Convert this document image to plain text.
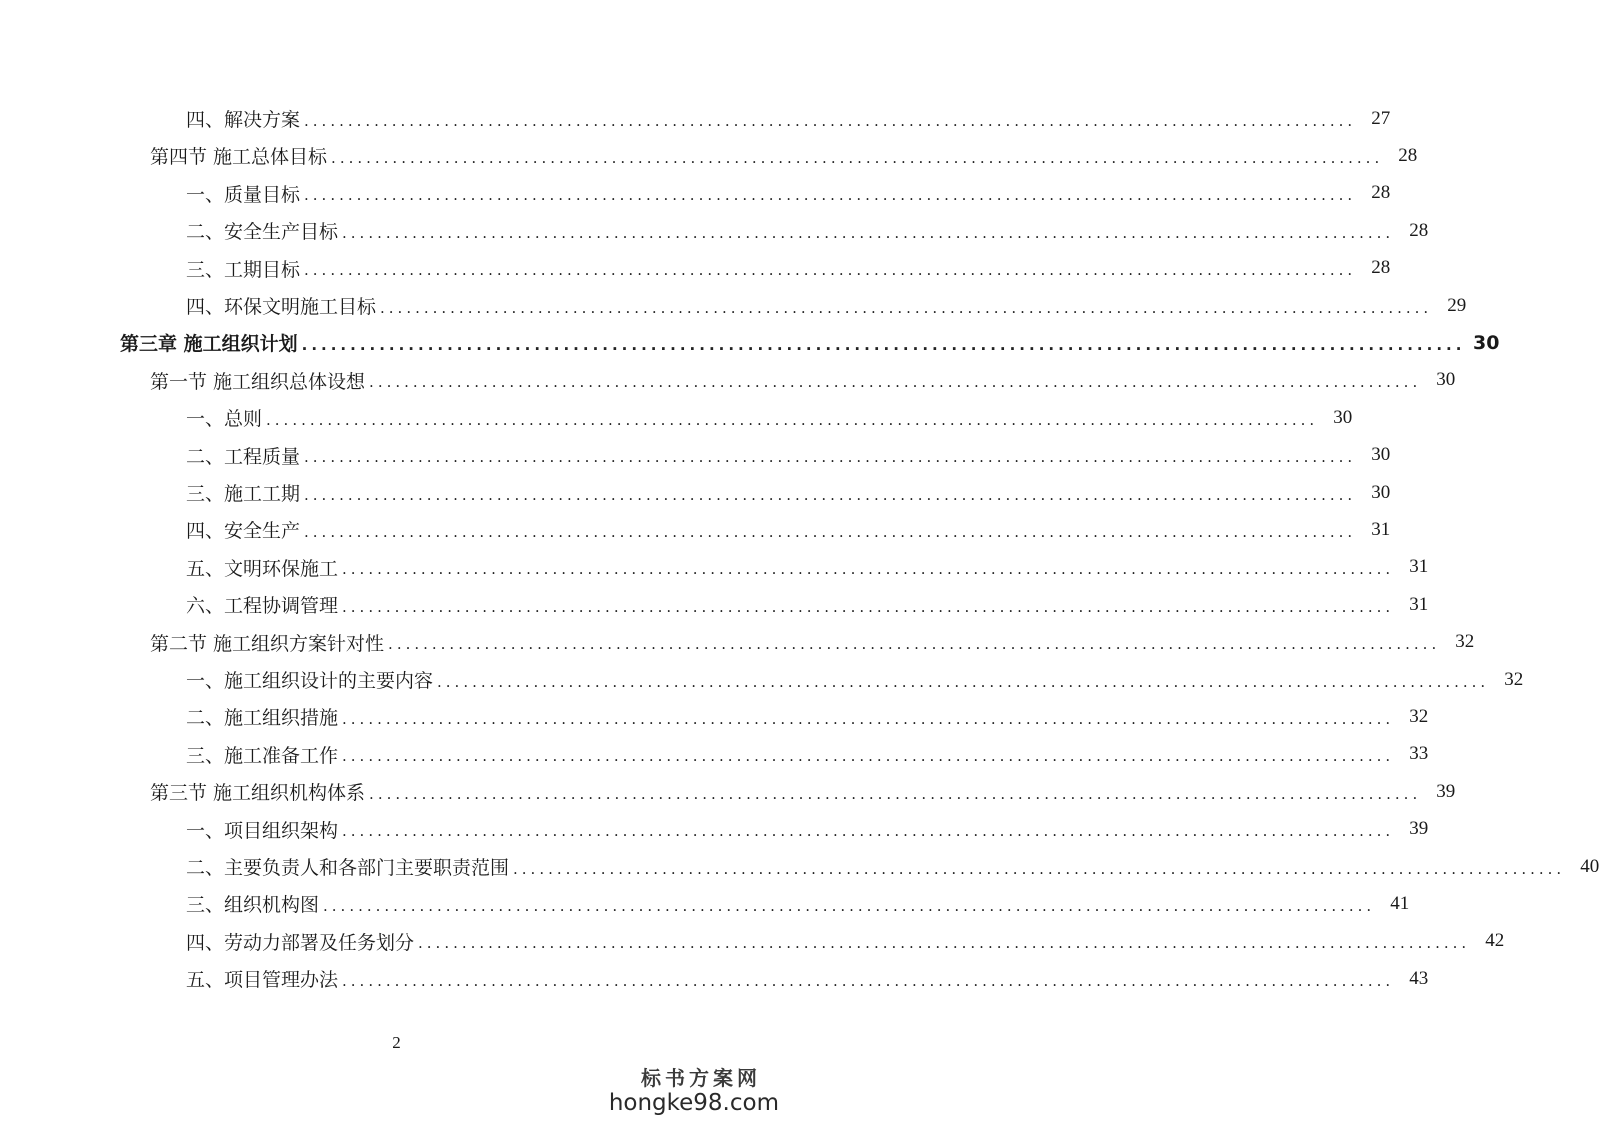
四、解决方案 ........................................................................................................................ 27
第四节 施工总体目标 ........................................................................................................................ 28
一、质量目标 ........................................................................................................................ 28
二、安全生产目标 ........................................................................................................................ 28
三、工期目标 ........................................................................................................................ 28
四、环保文明施工目标 ........................................................................................................................ 29
第三章 施工组织计划 ........................................................................................................................ 30
第一节 施工组织总体设想 ........................................................................................................................ 30
一、总则 ........................................................................................................................ 30
二、工程质量 ........................................................................................................................ 30
三、施工工期 ........................................................................................................................ 30
四、安全生产 ........................................................................................................................ 31
五、文明环保施工 ........................................................................................................................ 31
六、工程协调管理 ........................................................................................................................ 31
第二节 施工组织方案针对性 ........................................................................................................................ 32
一、施工组织设计的主要内容 ........................................................................................................................ 32
二、施工组织措施 ........................................................................................................................ 32
三、施工准备工作 ........................................................................................................................ 33
第三节 施工组织机构体系 ........................................................................................................................ 39
一、项目组织架构 ........................................................................................................................ 39
二、主要负责人和各部门主要职责范围 ........................................................................................................................ 40
三、组织机构图 ........................................................................................................................ 41
四、劳动力部署及任务划分 ........................................................................................................................ 42
五、项目管理办法 ........................................................................................................................ 43
2
标书方案网
hongke98.com
